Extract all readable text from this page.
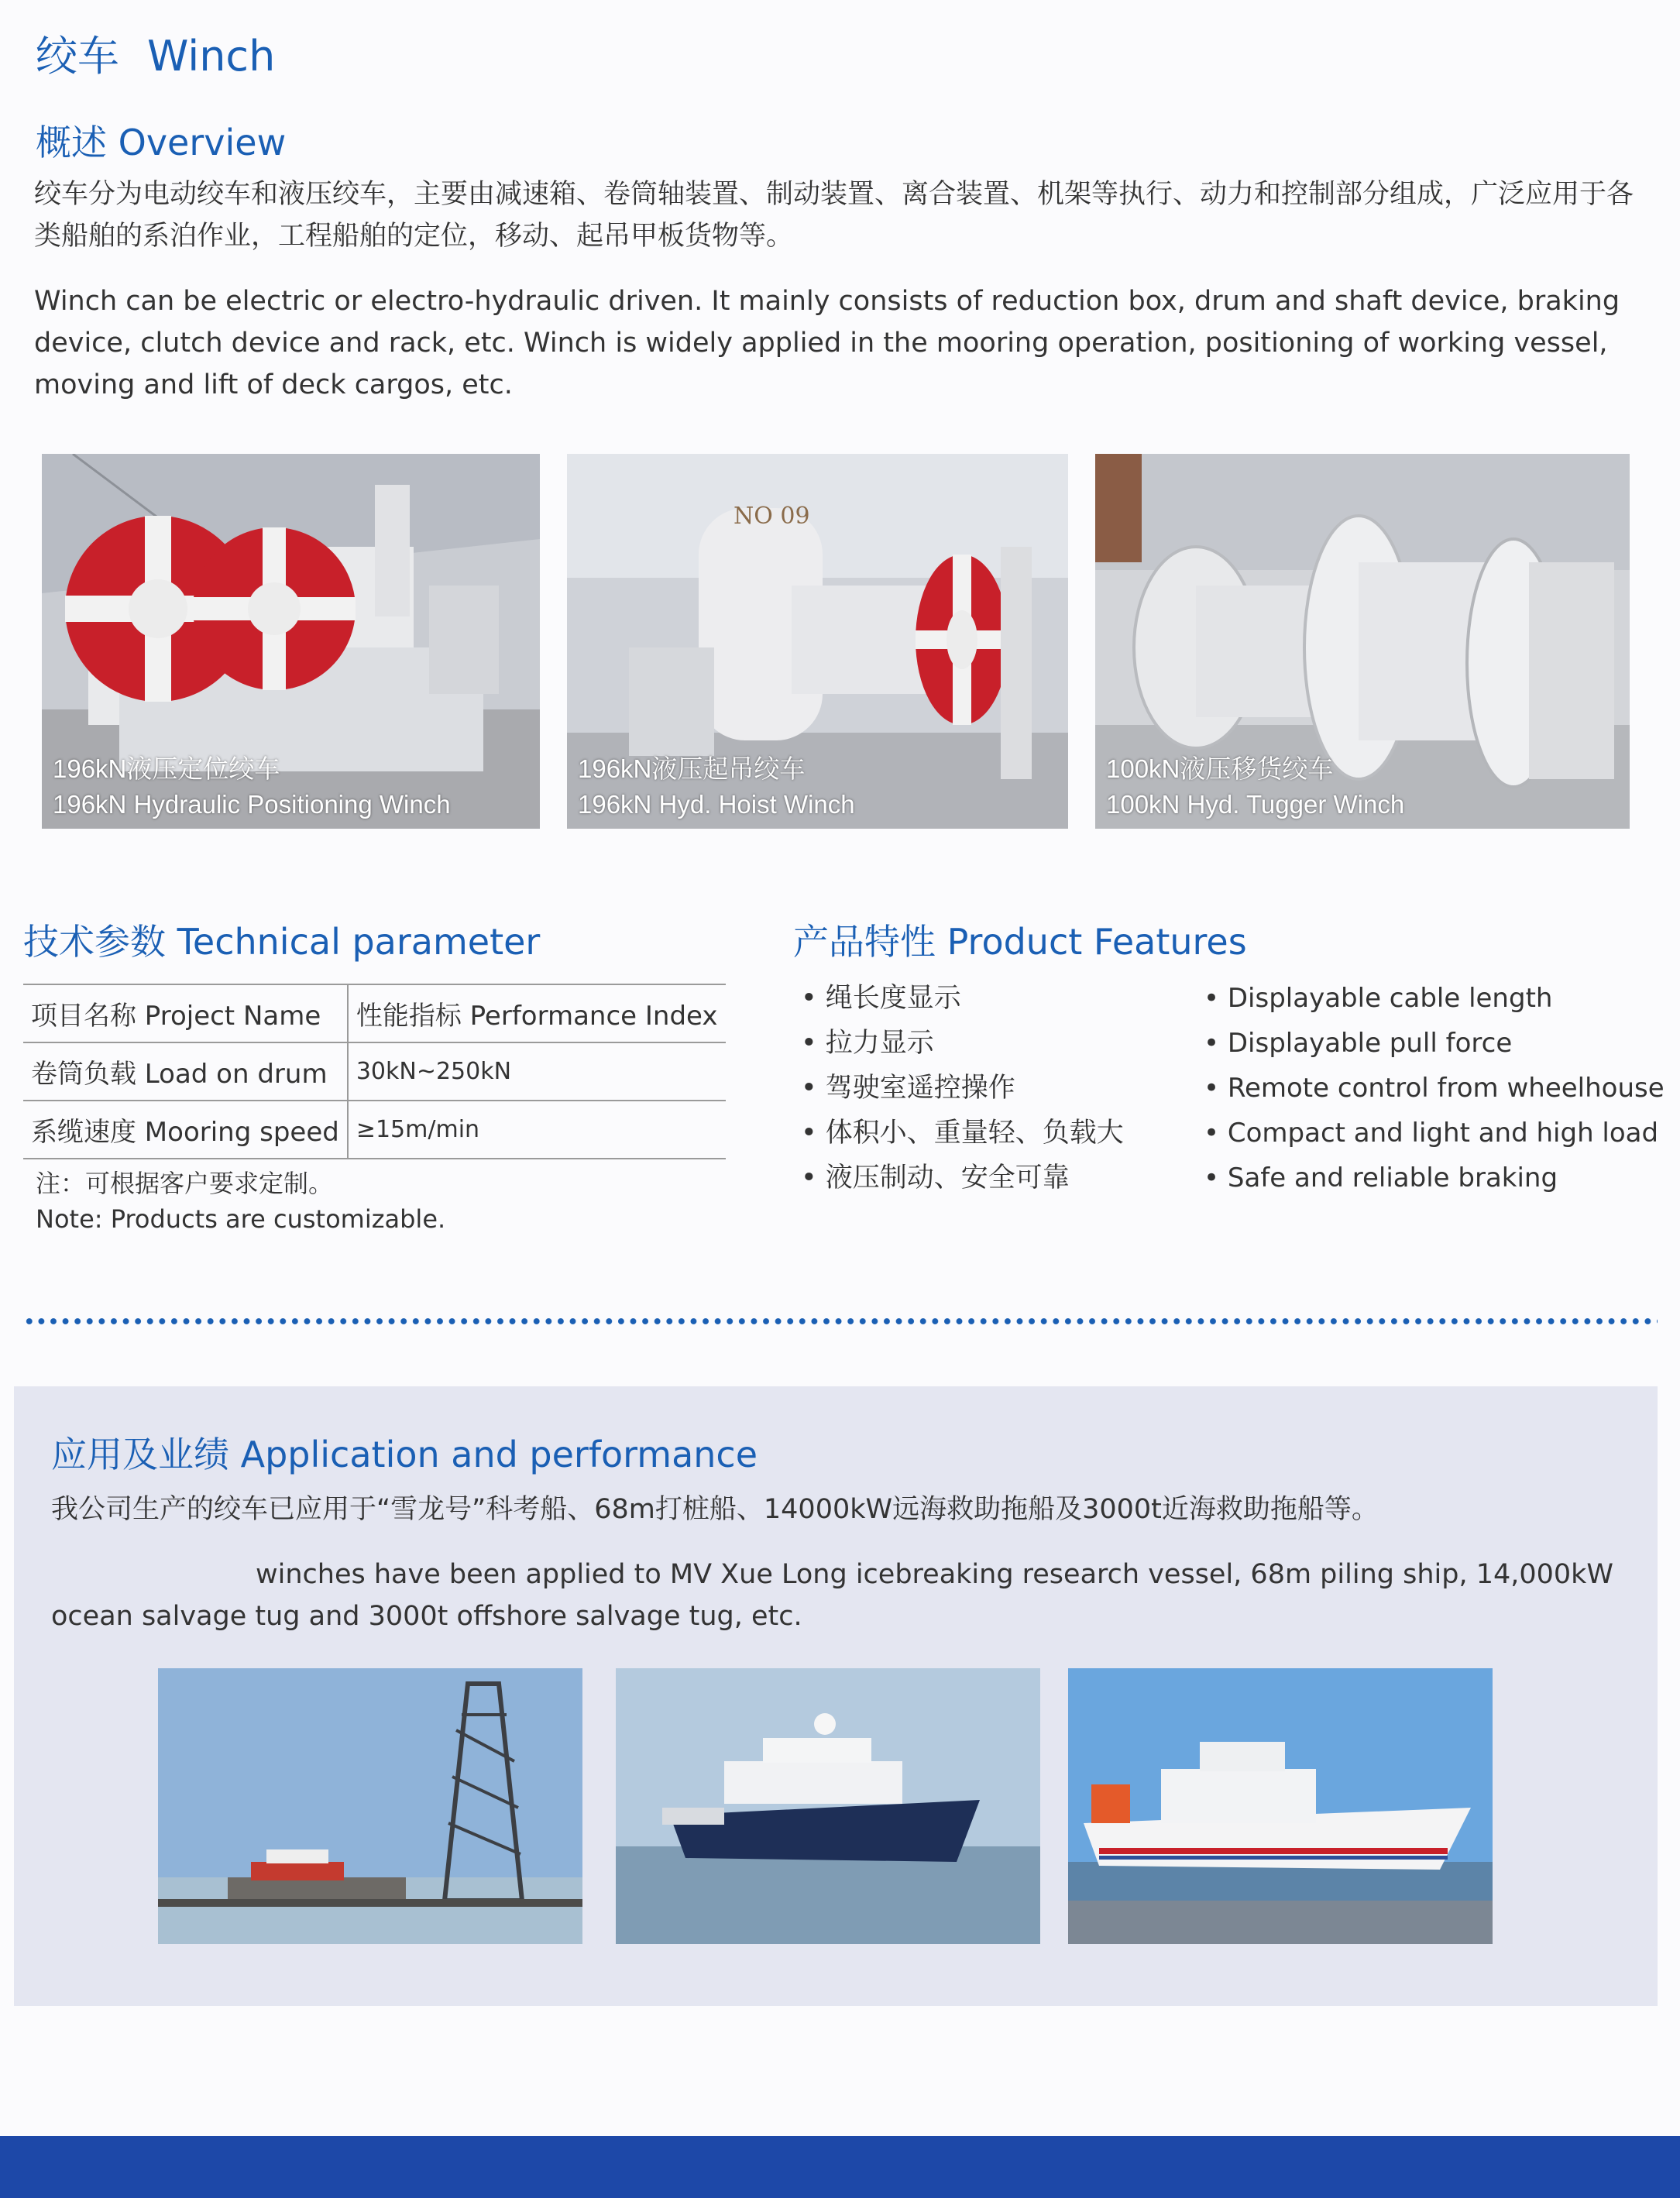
绞车 Winch
概述 Overview
绞车分为电动绞车和液压绞车，主要由减速箱、卷筒轴装置、制动装置、离合装置、机架等执行、动力和控制部分组成，广泛应用于各类船舶的系泊作业，工程船舶的定位，移动、起吊甲板货物等。
Winch can be electric or electro-hydraulic driven. It mainly consists of reduction box, drum and shaft device, braking device, clutch device and rack, etc. Winch is widely applied in the mooring operation, positioning of working vessel, moving and lift of deck cargos, etc.
196kN液压定位绞车
196kN Hydraulic Positioning Winch
NO 09
196kN液压起吊绞车
196kN Hyd. Hoist Winch
100kN液压移货绞车
100kN Hyd. Tugger Winch
技术参数 Technical parameter
项目名称 Project Name	性能指标 Performance Index
卷筒负载 Load on drum	30kN~250kN
系缆速度 Mooring speed	≥15m/min
注：可根据客户要求定制。
Note: Products are customizable.
产品特性 Product Features
• 绳长度显示
• 拉力显示
• 驾驶室遥控操作
• 体积小、重量轻、负载大
• 液压制动、安全可靠
• Displayable cable length
• Displayable pull force
• Remote control from wheelhouse
• Compact and light and high load
• Safe and reliable braking
应用及业绩 Application and performance
我公司生产的绞车已应用于“雪龙号”科考船、68m打桩船、14000kW远海救助拖船及3000t近海救助拖船等。
winches have been applied to MV Xue Long icebreaking research vessel, 68m piling ship, 14,000kW ocean salvage tug and 3000t offshore salvage tug, etc.
